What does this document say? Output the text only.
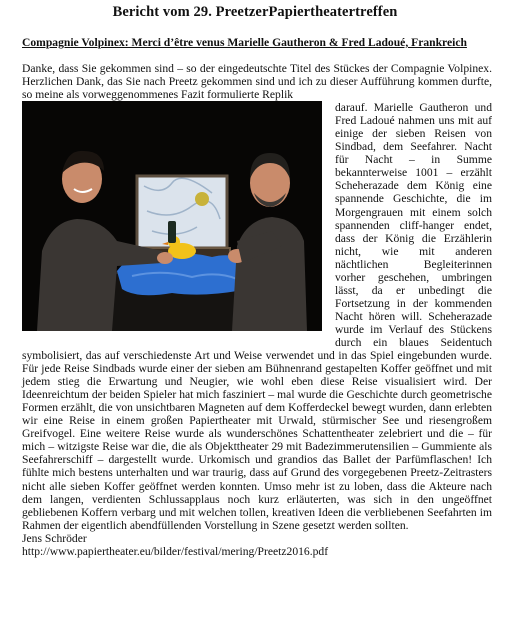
Bericht vom 29. PreetzerPapiertheatertreffen
Compagnie Volpinex: Merci d’être venus Marielle Gautheron & Fred Ladoué, Frankreich

Danke, dass Sie gekommen sind – so der eingedeutschte Titel des Stückes der Compagnie Volpinex. Herzlichen Dank, das Sie nach Preetz gekommen sind und ich zu dieser Aufführung kommen durfte, so meine als vorweggenommenes Fazit formulierte Replik

darauf. Marielle Gautheron und Fred Ladoué nahmen uns mit auf einige der sieben Reisen von Sindbad, dem Seefahrer. Nacht für Nacht – in Summe bekannterweise 1001 – erzählt Scheherazade dem König eine spannende Geschichte, die im Morgengrauen mit einem solch spannenden cliff-hanger endet, dass der König die Erzählerin nicht, wie mit anderen nächtlichen Begleiterinnen vorher geschehen, umbringen lässt, da er unbedingt die Fortsetzung in der kommenden Nacht hören will. Scheherazade wurde im Verlauf des Stückens durch ein blaues Seidentuch symbolisiert, das auf verschiedenste Art und Weise verwendet und in das Spiel eingebunden wurde. Für jede Reise Sindbads wurde einer der sieben am Bühnenrand gestapelten Koffer geöffnet und mit jedem stieg die Erwartung und Neugier, wie wohl eben diese Reise visualisiert wird. Der Ideenreichtum der beiden Spieler hat mich fasziniert – mal wurde die Geschichte durch geometrische Formen erzählt, die von unsichtbaren Magneten auf dem Kofferdeckel bewegt wurden, dann erlebten wir eine Reise in einem großen Papiertheater mit Urwald, stürmischer See und riesengroßem Greifvogel. Eine weitere Reise wurde als wunderschönes Schattentheater zelebriert und die – für mich – witzigste Reise war die, die als Objekttheater 29 mit Badezimmerutensilien – Gummiente als Seefahrerschiff – dargestellt wurde. Urkomisch und grandios das Ballet der Parfümflaschen! Ich fühlte mich bestens unterhalten und war traurig, dass auf Grund des vorgegebenen Preetz-Zeitrasters nicht alle sieben Koffer geöffnet werden konnten. Umso mehr ist zu loben, dass die Akteure nach dem langen, verdienten Schlussapplaus noch kurz erläuterten, was sich in den ungeöffnet gebliebenen Koffern verbarg und mit welchen tollen, kreativen Ideen die verbliebenen Seefahrten im Rahmen der eigentlich abendfüllenden Vorstellung in Szene gesetzt werden sollten.

Jens Schröder

http://www.papiertheater.eu/bilder/festival/mering/Preetz2016.pdf
